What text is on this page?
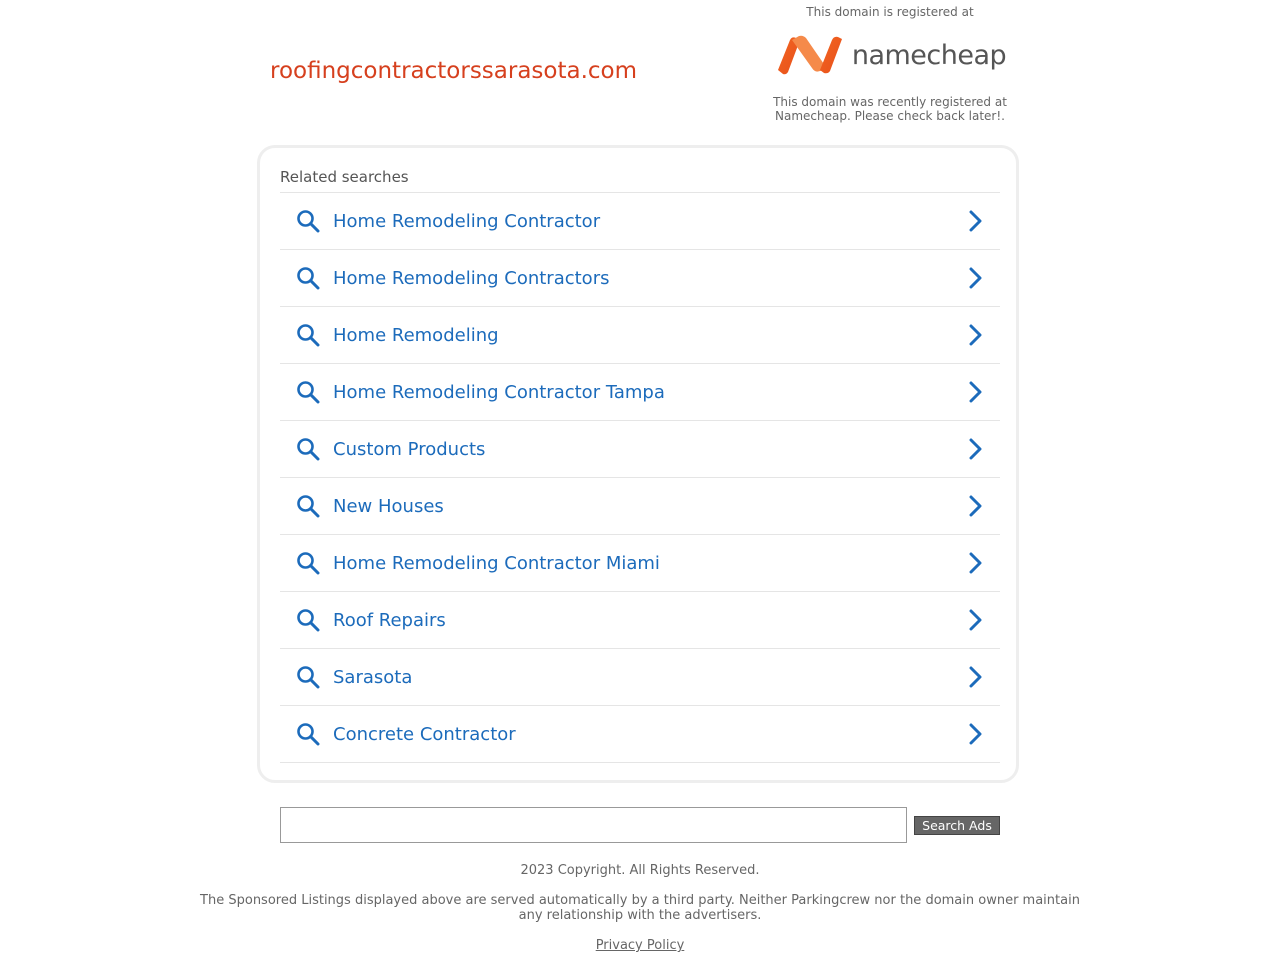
roofingcontractorssarasota.com
This domain is registered at
namecheap
This domain was recently registered at Namecheap. Please check back later!.
Related searches
Home Remodeling Contractor
Home Remodeling Contractors
Home Remodeling
Home Remodeling Contractor Tampa
Custom Products
New Houses
Home Remodeling Contractor Miami
Roof Repairs
Sarasota
Concrete Contractor
Search Ads
2023 Copyright. All Rights Reserved.
The Sponsored Listings displayed above are served automatically by a third party. Neither Parkingcrew nor the domain owner maintain any relationship with the advertisers.
Privacy Policy
